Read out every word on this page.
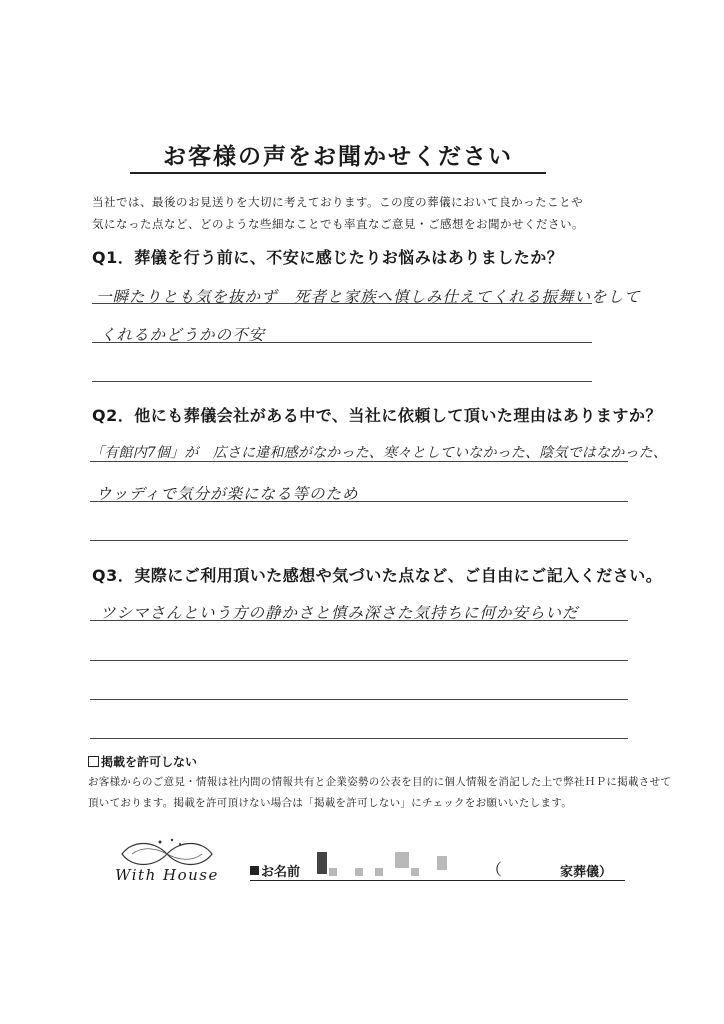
お客様の声をお聞かせください
当社では、最後のお見送りを大切に考えております。この度の葬儀において良かったことや
気になった点など、どのような些細なことでも率直なご意見・ご感想をお聞かせください。
Q1．葬儀を行う前に、不安に感じたりお悩みはありましたか？
一瞬たりとも気を抜かず　死者と家族へ慎しみ仕えてくれる振舞いをして
くれるかどうかの不安
Q2．他にも葬儀会社がある中で、当社に依頼して頂いた理由はありますか？
「有館内7個」が　広さに違和感がなかった、寒々としていなかった、陰気ではなかった、
ウッディで気分が楽になる等のため
Q3．実際にご利用頂いた感想や気づいた点など、ご自由にご記入ください。
ツシマさんという方の静かさと慎み深さた気持ちに何か安らいだ
掲載を許可しない
お客様からのご意見・情報は社内間の情報共有と企業姿勢の公表を目的に個人情報を消記した上で弊社ＨＰに掲載させて
頂いております。掲載を許可頂けない場合は「掲載を許可しない」にチェックをお願いいたします。
With House	お名前	（	家葬儀）
